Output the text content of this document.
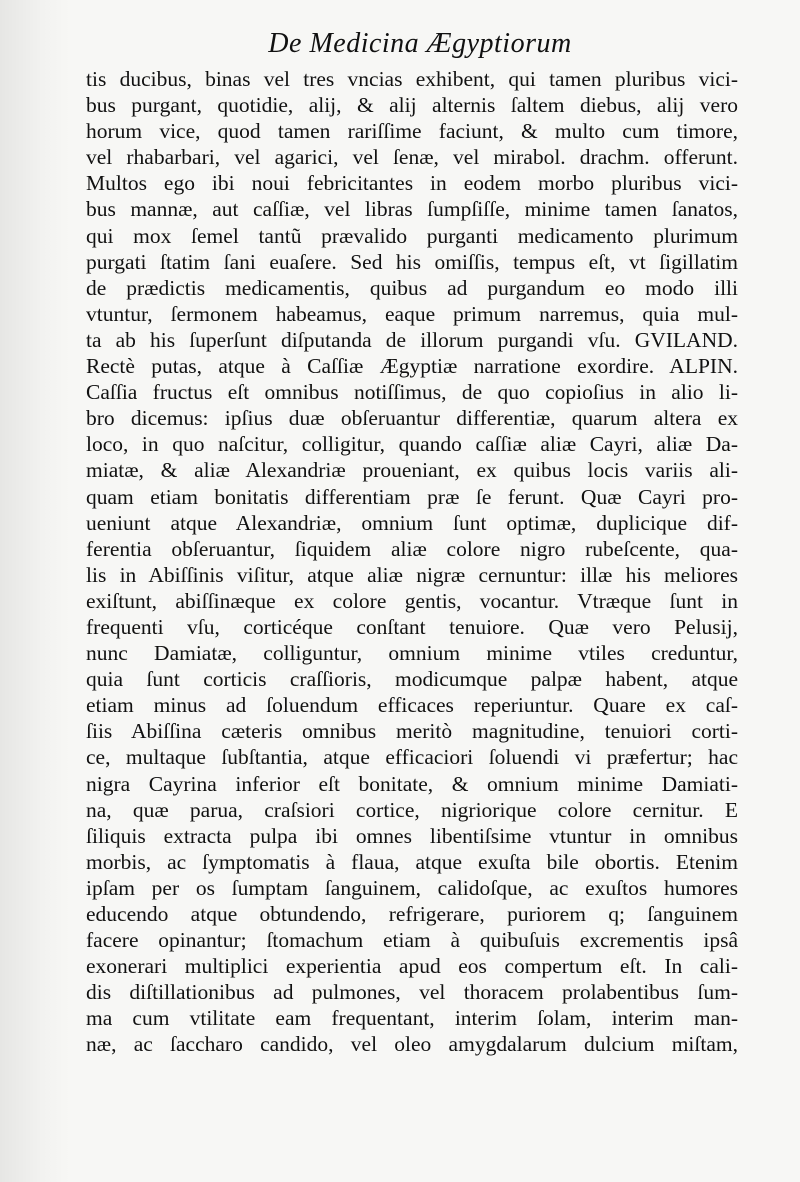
De Medicina Ægyptiorum
tis ducibus, binas vel tres vncias exhibent, qui tamen pluribus vici-
bus purgant, quotidie, alij, & alij alternis ſaltem diebus, alij vero
horum vice, quod tamen rariſſime faciunt, & multo cum timore,
vel rhabarbari, vel agarici, vel ſenæ, vel mirabol. drachm. offerunt.
Multos ego ibi noui febricitantes in eodem morbo pluribus vici-
bus mannæ, aut caſſiæ, vel libras ſumpſiſſe, minime tamen ſanatos,
qui mox ſemel tantũ prævalido purganti medicamento plurimum
purgati ſtatim ſani euaſere. Sed his omiſſis, tempus eſt, vt ſigillatim
de prædictis medicamentis, quibus ad purgandum eo modo illi
vtuntur, ſermonem habeamus, eaque primum narremus, quia mul-
ta ab his ſuperſunt diſputanda de illorum purgandi vſu. GVILAND.
Rectè putas, atque à Caſſiæ Ægyptiæ narratione exordire. ALPIN.
Caſſia fructus eſt omnibus notiſſimus, de quo copioſius in alio li-
bro dicemus: ipſius duæ obſeruantur differentiæ, quarum altera ex
loco, in quo naſcitur, colligitur, quando caſſiæ aliæ Cayri, aliæ Da-
miatæ, & aliæ Alexandriæ proueniant, ex quibus locis variis ali-
quam etiam bonitatis differentiam præ ſe ferunt. Quæ Cayri pro-
ueniunt atque Alexandriæ, omnium ſunt optimæ, duplicique dif-
ferentia obſeruantur, ſiquidem aliæ colore nigro rubeſcente, qua-
lis in Abiſſinis viſitur, atque aliæ nigræ cernuntur: illæ his meliores
exiſtunt, abiſſinæque ex colore gentis, vocantur. Vtræque ſunt in
frequenti vſu, corticéque conſtant tenuiore. Quæ vero Pelusij,
nunc Damiatæ, colliguntur, omnium minime vtiles creduntur,
quia ſunt corticis craſſioris, modicumque palpæ habent, atque
etiam minus ad ſoluendum efficaces reperiuntur. Quare ex caſ-
ſiis Abiſſina cæteris omnibus meritò magnitudine, tenuiori corti-
ce, multaque ſubſtantia, atque efficaciori ſoluendi vi præfertur; hac
nigra Cayrina inferior eſt bonitate, & omnium minime Damiati-
na, quæ parua, craſsiori cortice, nigriorique colore cernitur. E
ſiliquis extracta pulpa ibi omnes libentiſsime vtuntur in omnibus
morbis, ac ſymptomatis à flaua, atque exuſta bile obortis. Etenim
ipſam per os ſumptam ſanguinem, calidoſque, ac exuſtos humores
educendo atque obtundendo, refrigerare, puriorem q; ſanguinem
facere opinantur; ſtomachum etiam à quibuſuis excrementis ipsâ
exonerari multiplici experientia apud eos compertum eſt. In cali-
dis diſtillationibus ad pulmones, vel thoracem prolabentibus ſum-
ma cum vtilitate eam frequentant, interim ſolam, interim man-
næ, ac ſaccharo candido, vel oleo amygdalarum dulcium miſtam,
